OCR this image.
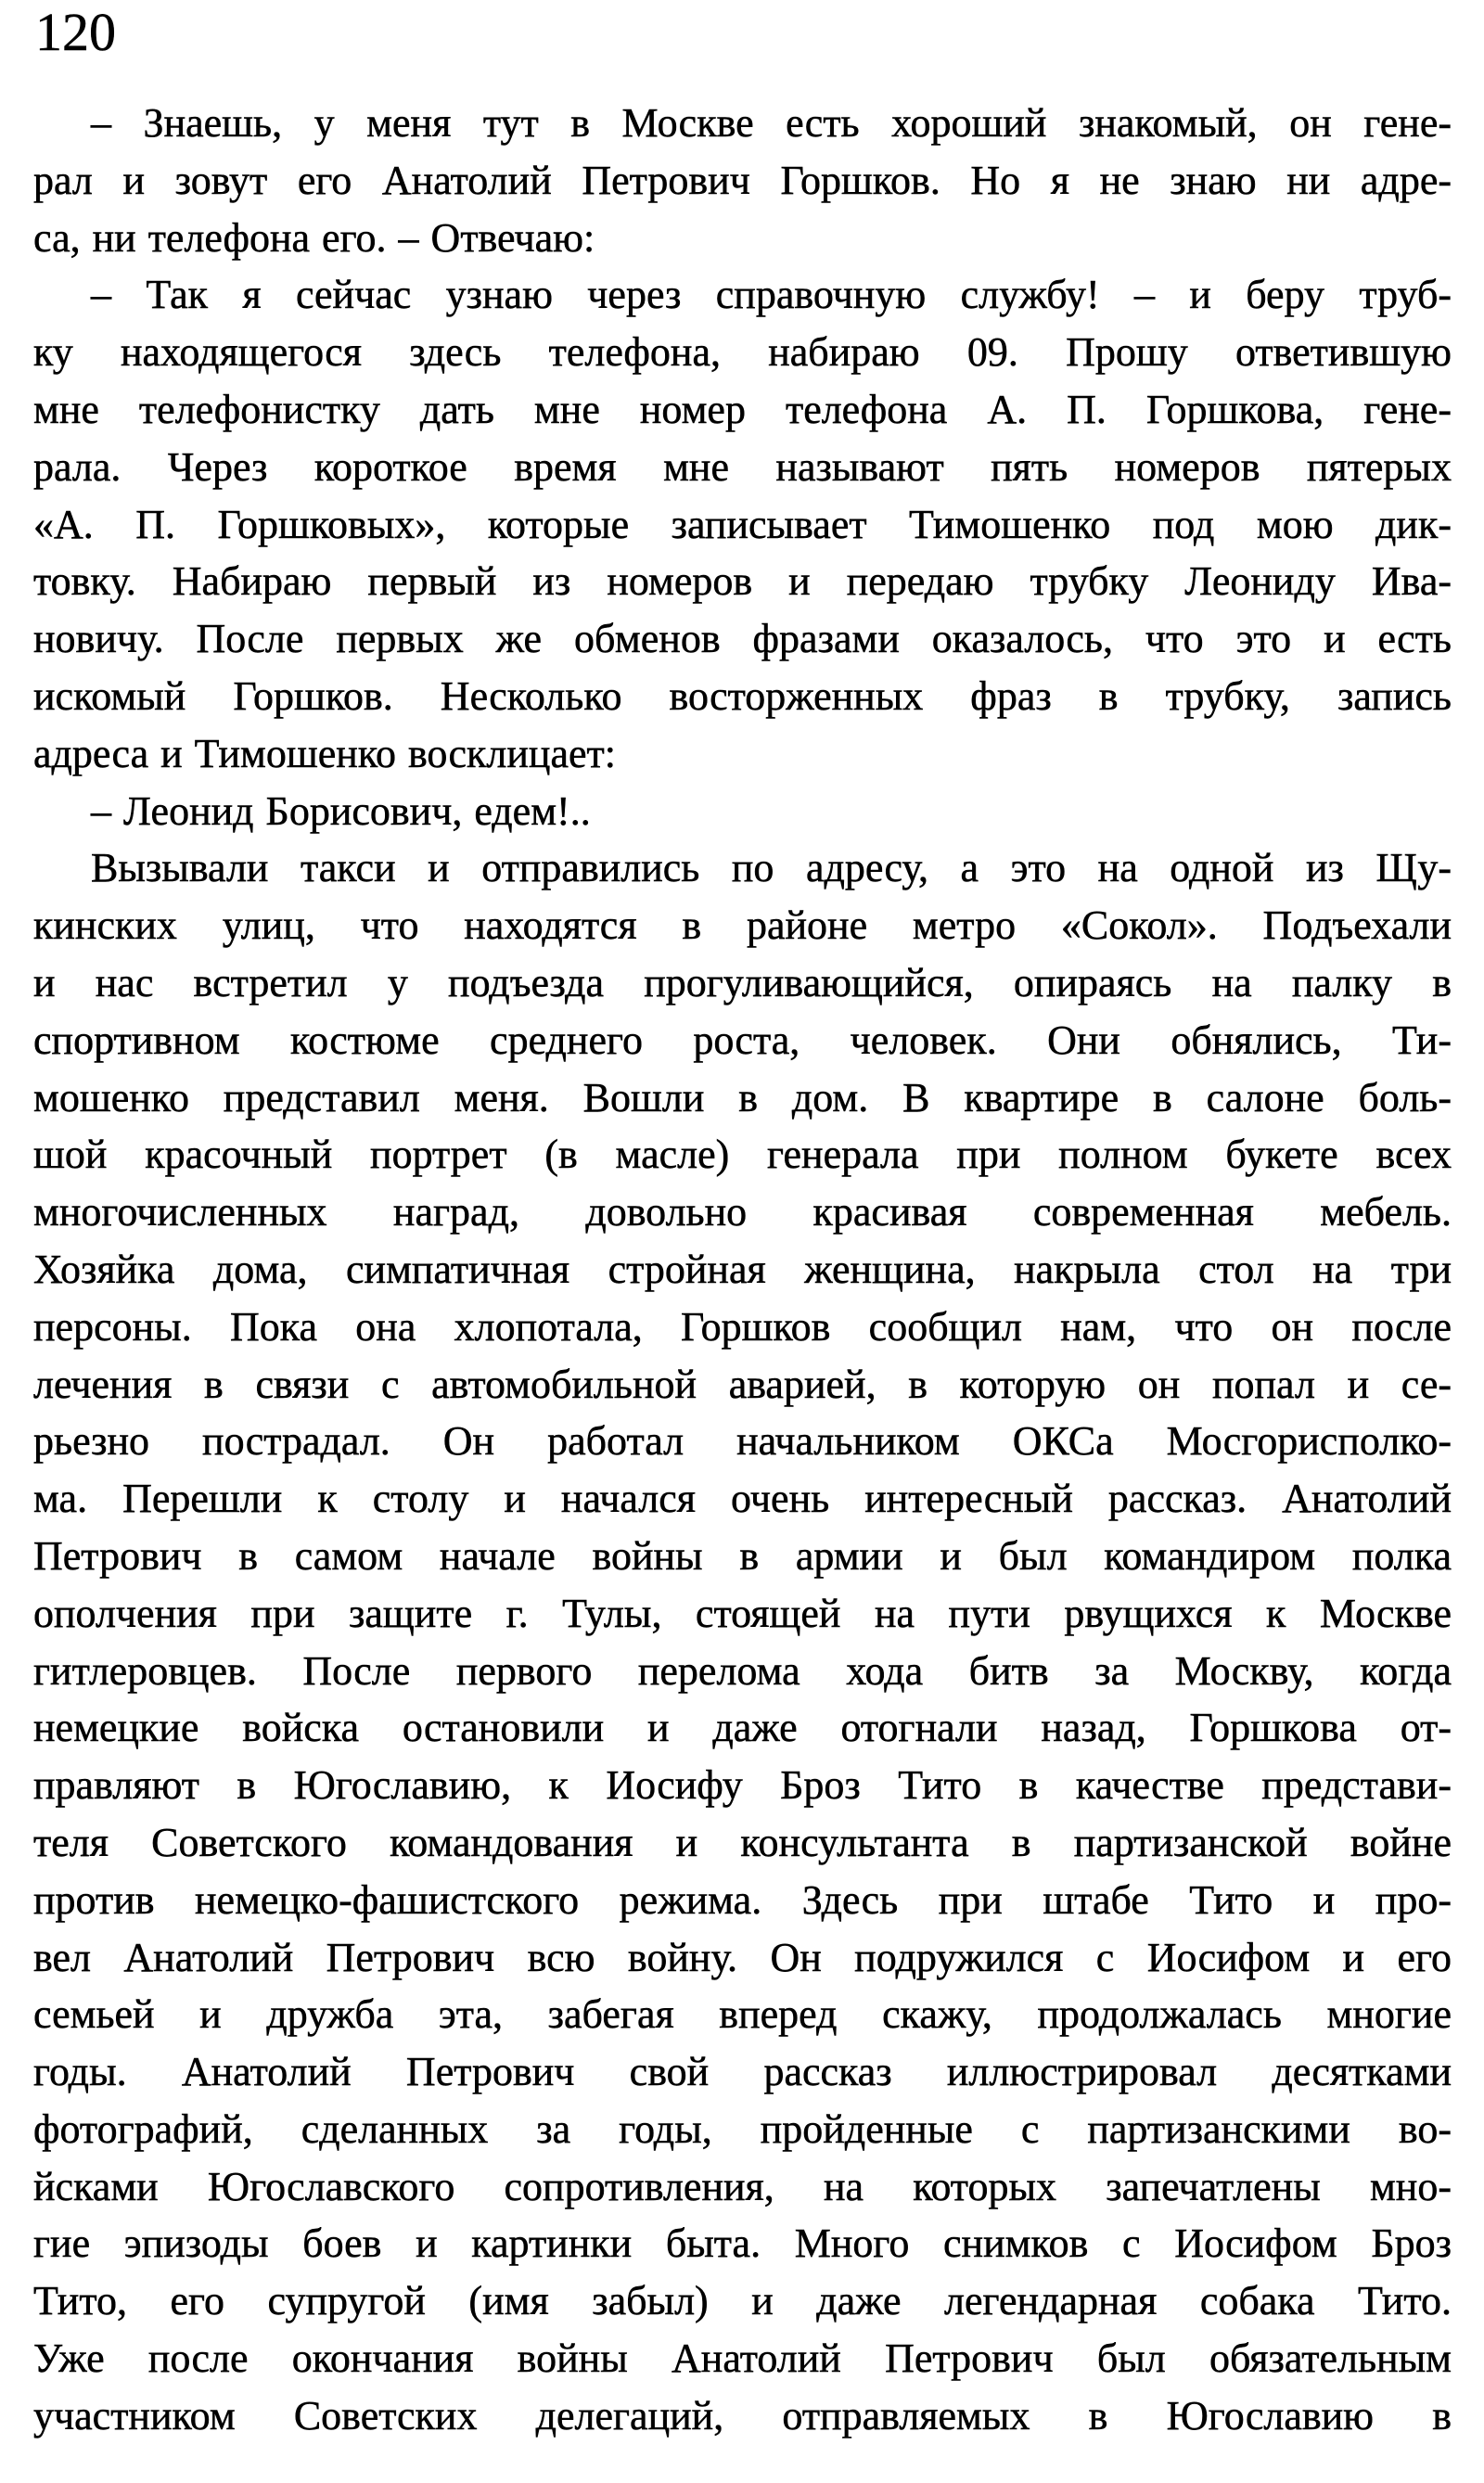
120
– Знаешь, у меня тут в Москве есть хороший знакомый, он гене-
рал и зовут его Анатолий Петрович Горшков. Но я не знаю ни адре-
са, ни телефона его. – Отвечаю:
– Так я сейчас узнаю через справочную службу! – и беру труб-
ку находящегося здесь телефона, набираю 09. Прошу ответившую
мне телефонистку дать мне номер телефона А. П. Горшкова, гене-
рала. Через короткое время мне называют пять номеров пятерых
«А. П. Горшковых», которые записывает Тимошенко под мою дик-
товку. Набираю первый из номеров и передаю трубку Леониду Ива-
новичу. После первых же обменов фразами оказалось, что это и есть
искомый Горшков. Несколько восторженных фраз в трубку, запись
адреса и Тимошенко восклицает:
– Леонид Борисович, едем!..
Вызывали такси и отправились по адресу, а это на одной из Щу-
кинских улиц, что находятся в районе метро «Сокол». Подъехали
и нас встретил у подъезда прогуливающийся, опираясь на палку в
спортивном костюме среднего роста, человек. Они обнялись, Ти-
мошенко представил меня. Вошли в дом. В квартире в салоне боль-
шой красочный портрет (в масле) генерала при полном букете всех
многочисленных наград, довольно красивая современная мебель.
Хозяйка дома, симпатичная стройная женщина, накрыла стол на три
персоны. Пока она хлопотала, Горшков сообщил нам, что он после
лечения в связи с автомобильной аварией, в которую он попал и се-
рьезно пострадал. Он работал начальником ОКСа Мосгорисполко-
ма. Перешли к столу и начался очень интересный рассказ. Анатолий
Петрович в самом начале войны в армии и был командиром полка
ополчения при защите г. Тулы, стоящей на пути рвущихся к Москве
гитлеровцев. После первого перелома хода битв за Москву, когда
немецкие войска остановили и даже отогнали назад, Горшкова от-
правляют в Югославию, к Иосифу Броз Тито в качестве представи-
теля Советского командования и консультанта в партизанской войне
против немецко-фашистского режима. Здесь при штабе Тито и про-
вел Анатолий Петрович всю войну. Он подружился с Иосифом и его
семьей и дружба эта, забегая вперед скажу, продолжалась многие
годы. Анатолий Петрович свой рассказ иллюстрировал десятками
фотографий, сделанных за годы, пройденные с партизанскими во-
йсками Югославского сопротивления, на которых запечатлены мно-
гие эпизоды боев и картинки быта. Много снимков с Иосифом Броз
Тито, его супругой (имя забыл) и даже легендарная собака Тито.
Уже после окончания войны Анатолий Петрович был обязательным
участником Советских делегаций, отправляемых в Югославию в
